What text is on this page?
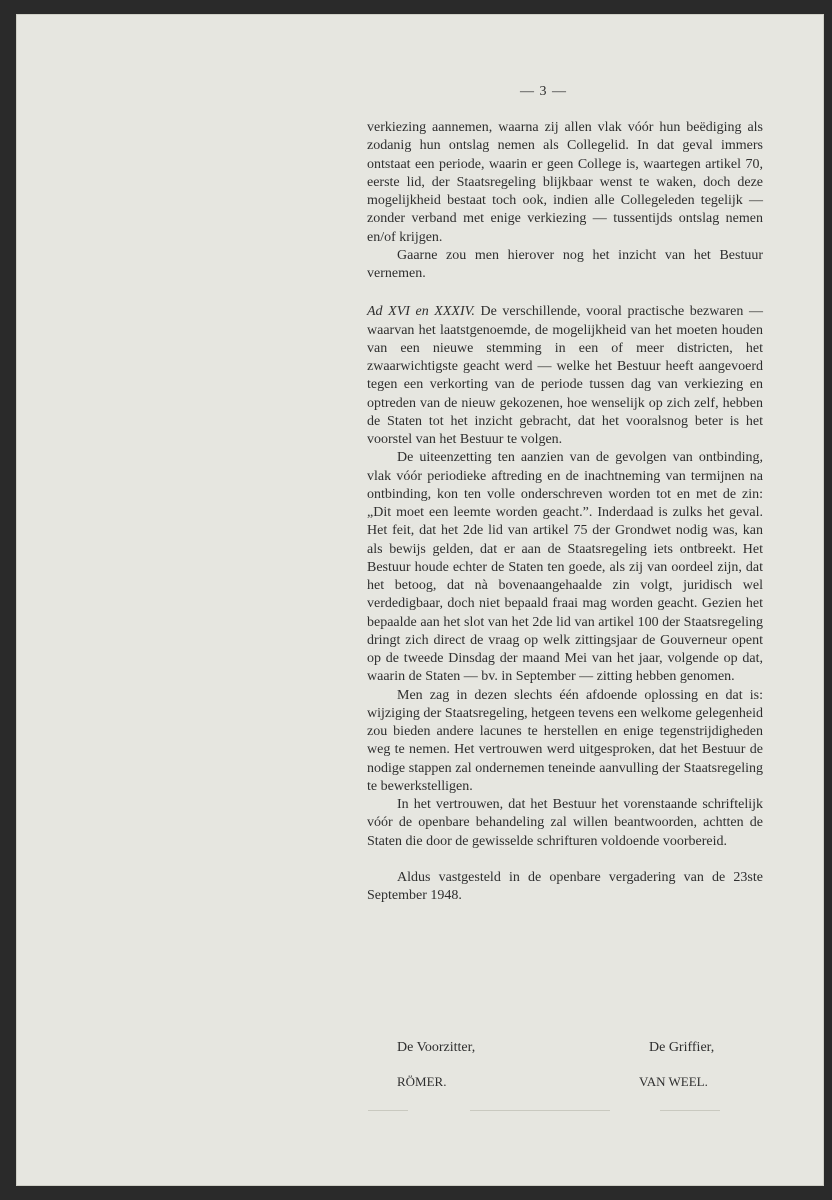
— 3 —

verkiezing aannemen, waarna zij allen vlak vóór hun beëdiging als zodanig hun ontslag nemen als Collegelid. In dat geval immers ontstaat een periode, waarin er geen College is, waartegen artikel 70, eerste lid, der Staatsregeling blijkbaar wenst te waken, doch deze mogelijkheid bestaat toch ook, indien alle Collegeleden tegelijk — zonder verband met enige verkiezing — tussentijds ontslag nemen en/of krijgen.

Gaarne zou men hierover nog het inzicht van het Bestuur vernemen.

Ad XVI en XXXIV. De verschillende, vooral practische bezwaren — waarvan het laatstgenoemde, de mogelijkheid van het moeten houden van een nieuwe stemming in een of meer districten, het zwaarwichtigste geacht werd — welke het Bestuur heeft aangevoerd tegen een verkorting van de periode tussen dag van verkiezing en optreden van de nieuw gekozenen, hoe wenselijk op zich zelf, hebben de Staten tot het inzicht gebracht, dat het vooralsnog beter is het voorstel van het Bestuur te volgen.

De uiteenzetting ten aanzien van de gevolgen van ontbinding, vlak vóór periodieke aftreding en de inachtneming van termijnen na ontbinding, kon ten volle onderschreven worden tot en met de zin: „Dit moet een leemte worden geacht.”. Inderdaad is zulks het geval. Het feit, dat het 2de lid van artikel 75 der Grondwet nodig was, kan als bewijs gelden, dat er aan de Staatsregeling iets ontbreekt. Het Bestuur houde echter de Staten ten goede, als zij van oordeel zijn, dat het betoog, dat nà bovenaangehaalde zin volgt, juridisch wel verdedigbaar, doch niet bepaald fraai mag worden geacht. Gezien het bepaalde aan het slot van het 2de lid van artikel 100 der Staatsregeling dringt zich direct de vraag op welk zittingsjaar de Gouverneur opent op de tweede Dinsdag der maand Mei van het jaar, volgende op dat, waarin de Staten — bv. in September — zitting hebben genomen.

Men zag in dezen slechts één afdoende oplossing en dat is: wijziging der Staatsregeling, hetgeen tevens een welkome gelegenheid zou bieden andere lacunes te herstellen en enige tegenstrijdigheden weg te nemen. Het vertrouwen werd uitgesproken, dat het Bestuur de nodige stappen zal ondernemen teneinde aanvulling der Staatsregeling te bewerkstelligen.

In het vertrouwen, dat het Bestuur het vorenstaande schriftelijk vóór de openbare behandeling zal willen beantwoorden, achtten de Staten die door de gewisselde schrifturen voldoende voorbereid.

Aldus vastgesteld in de openbare vergadering van de 23ste September 1948.

De Voorzitter,	De Griffier,
RÖMER.	VAN WEEL.
